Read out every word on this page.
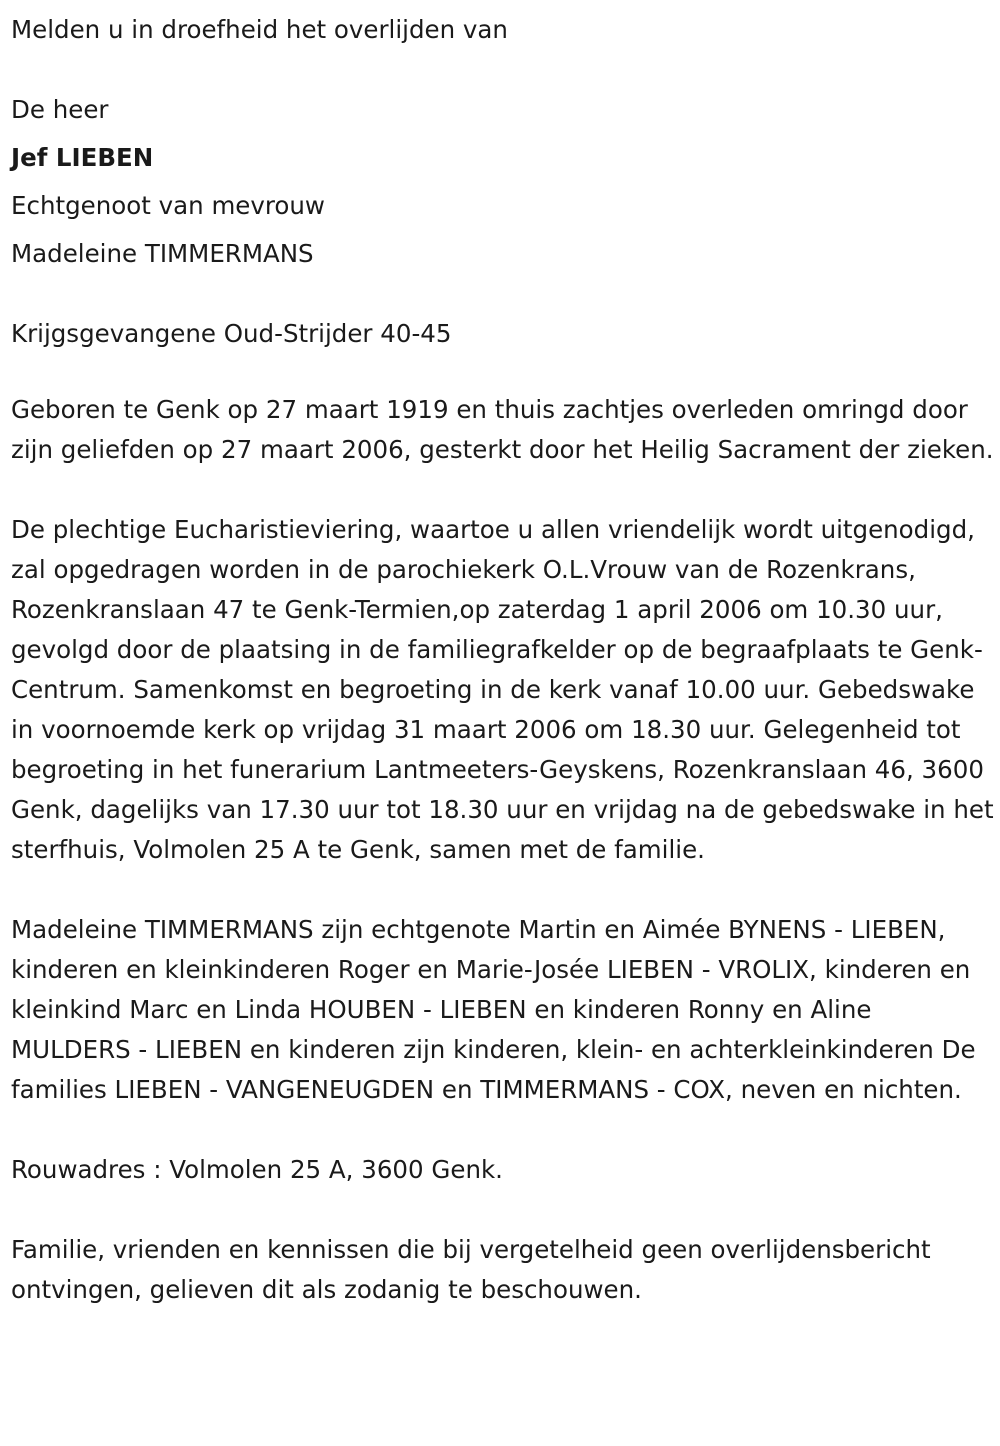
Melden u in droefheid het overlijden van

De heer

Jef LIEBEN

Echtgenoot van mevrouw

Madeleine TIMMERMANS

Krijgsgevangene Oud-Strijder 40-45

Geboren te Genk op 27 maart 1919 en thuis zachtjes overleden omringd door zijn geliefden op 27 maart 2006, gesterkt door het Heilig Sacrament der zieken.

De plechtige Eucharistieviering, waartoe u allen vriendelijk wordt uitgenodigd, zal opgedragen worden in de parochiekerk O.L.Vrouw van de Rozenkrans, Rozenkranslaan 47 te Genk-Termien,op zaterdag 1 april 2006 om 10.30 uur, gevolgd door de plaatsing in de familiegrafkelder op de begraafplaats te Genk-Centrum. Samenkomst en begroeting in de kerk vanaf 10.00 uur. Gebedswake in voornoemde kerk op vrijdag 31 maart 2006 om 18.30 uur. Gelegenheid tot begroeting in het funerarium Lantmeeters-Geyskens, Rozenkranslaan 46, 3600 Genk, dagelijks van 17.30 uur tot 18.30 uur en vrijdag na de gebedswake in het sterfhuis, Volmolen 25 A te Genk, samen met de familie.

Madeleine TIMMERMANS zijn echtgenote Martin en Aimée BYNENS - LIEBEN, kinderen en kleinkinderen Roger en Marie-Josée LIEBEN - VROLIX, kinderen en kleinkind Marc en Linda HOUBEN - LIEBEN en kinderen Ronny en Aline MULDERS - LIEBEN en kinderen zijn kinderen, klein- en achterkleinkinderen De families LIEBEN - VANGENEUGDEN en TIMMERMANS - COX, neven en nichten.

Rouwadres : Volmolen 25 A, 3600 Genk.

Familie, vrienden en kennissen die bij vergetelheid geen overlijdensbericht ontvingen, gelieven dit als zodanig te beschouwen.
